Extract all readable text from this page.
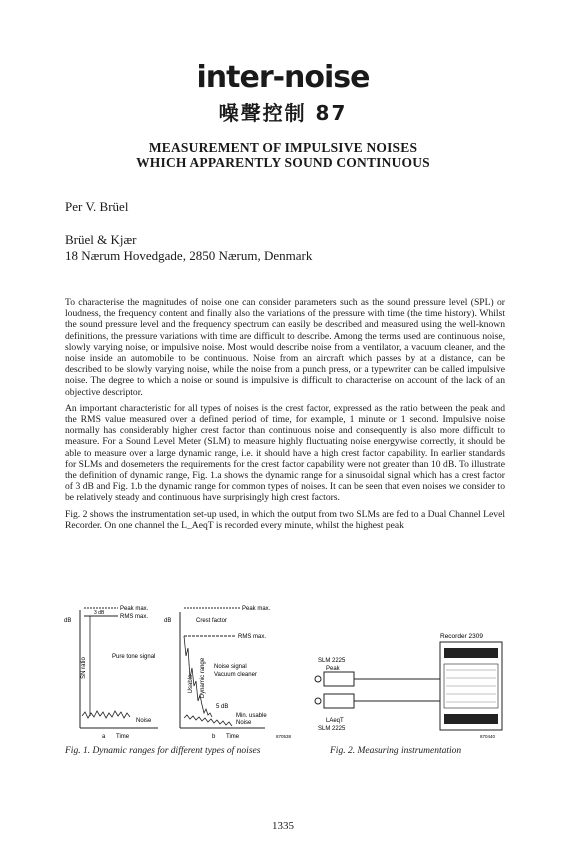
inter-noise
噪聲控制 87
MEASUREMENT OF IMPULSIVE NOISES
WHICH APPARENTLY SOUND CONTINUOUS
Per V. Brüel
Brüel & Kjær
18 Nærum Hovedgade, 2850 Nærum, Denmark

To characterise the magnitudes of noise one can consider parameters such as the sound pressure level (SPL) or loudness, the frequency content and finally also the variations of the pressure with time (the time history). Whilst the sound pressure level and the frequency spectrum can easily be described and measured using the well-known definitions, the pressure variations with time are difficult to describe. Among the terms used are continuous noise, slowly varying noise, or impulsive noise. Most would describe noise from a ventilator, a vacuum cleaner, and the noise inside an automobile to be continuous. Noise from an aircraft which passes by at a distance, can be described to be slowly varying noise, while the noise from a punch press, or a typewriter can be called impulsive noise. The degree to which a noise or sound is impulsive is difficult to characterise on account of the lack of an objective descriptor.

An important characteristic for all types of noises is the crest factor, expressed as the ratio between the peak and the RMS value measured over a defined period of time, for example, 1 minute or 1 second. Impulsive noise normally has considerably higher crest factor than continuous noise and consequently is also more difficult to measure. For a Sound Level Meter (SLM) to measure highly fluctuating noise energywise correctly, it should be able to measure over a large dynamic range, i.e. it should have a high crest factor capability. In earlier standards for SLMs and dosemeters the requirements for the crest factor capability were not greater than 10 dB. To illustrate the definition of dynamic range, Fig. 1.a shows the dynamic range for a sinusoidal signal which has a crest factor of 3 dB and Fig. 1.b the dynamic range for common types of noises. It can be seen that even noises we consider to be relatively steady and continuous have surprisingly high crest factors.

Fig. 2 shows the instrumentation set-up used, in which the output from two SLMs are fed to a Dual Channel Level Recorder. On one channel the L_AeqT is recorded every minute, whilst the highest peak

dB
Peak max.
RMS max.
3 dB
SN ratio
Pure tone signal
Noise
a Time
dB
Peak max.
Crest factor
RMS max.
Usable Dynamic range Noise signal
Vacuum cleaner
5 dB
Min. usable
Noise
b Time	870538
Fig. 1. Dynamic ranges for different types of noises
Recorder 2309
SLM 2225
Peak
LAeqT
SLM 2225
870440
Fig. 2. Measuring instrumentation
1335
